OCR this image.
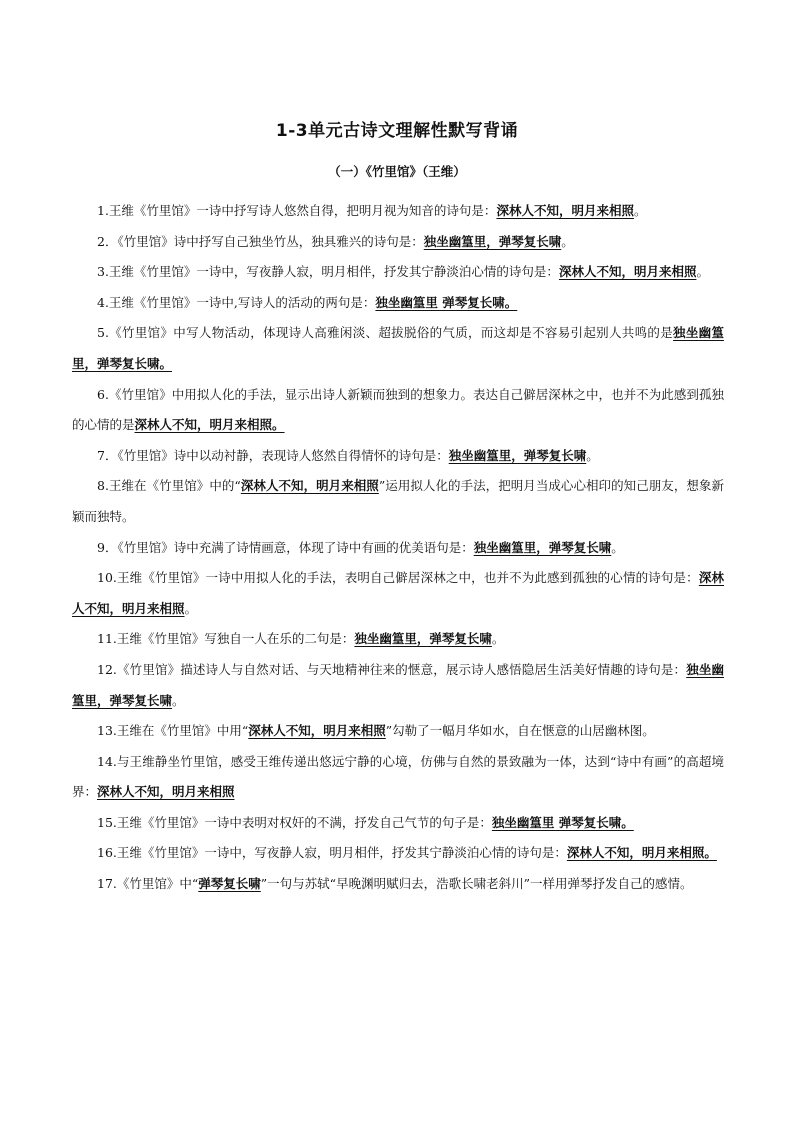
1-3单元古诗文理解性默写背诵
（一）《竹里馆》（王维）
1.王维《竹里馆》一诗中抒写诗人悠然自得，把明月视为知音的诗句是：深林人不知，明月来相照。
2．《竹里馆》诗中抒写自己独坐竹丛，独具雅兴的诗句是：独坐幽篁里，弹琴复长啸。
3.王维《竹里馆》一诗中，写夜静人寂，明月相伴，抒发其宁静淡泊心情的诗句是：深林人不知，明月来相照。
4.王维《竹里馆》一诗中,写诗人的活动的两句是：独坐幽篁里 弹琴复长啸。
5.《竹里馆》中写人物活动，体现诗人高雅闲淡、超拔脱俗的气质，而这却是不容易引起别人共鸣的是独坐幽篁里，弹琴复长啸。
6.《竹里馆》中用拟人化的手法，显示出诗人新颖而独到的想象力。表达自己僻居深林之中，也并不为此感到孤独的心情的是深林人不知，明月来相照。
7．《竹里馆》诗中以动衬静，表现诗人悠然自得情怀的诗句是：独坐幽篁里，弹琴复长啸。
8.王维在《竹里馆》中的“深林人不知，明月来相照”运用拟人化的手法，把明月当成心心相印的知己朋友，想象新颖而独特。
9．《竹里馆》诗中充满了诗情画意，体现了诗中有画的优美语句是：独坐幽篁里，弹琴复长啸。
10.王维《竹里馆》一诗中用拟人化的手法，表明自己僻居深林之中，也并不为此感到孤独的心情的诗句是：深林人不知，明月来相照。
11.王维《竹里馆》写独自一人在乐的二句是：独坐幽篁里，弹琴复长啸。
12.《竹里馆》描述诗人与自然对话、与天地精神往来的惬意，展示诗人感悟隐居生活美好情趣的诗句是：独坐幽篁里，弹琴复长啸。
13.王维在《竹里馆》中用“深林人不知，明月来相照”勾勒了一幅月华如水，自在惬意的山居幽林图。
14.与王维静坐竹里馆，感受王维传递出悠远宁静的心境，仿佛与自然的景致融为一体，达到“诗中有画”的高超境界：深林人不知，明月来相照
15.王维《竹里馆》一诗中表明对权奸的不满，抒发自己气节的句子是：独坐幽篁里 弹琴复长啸。
16.王维《竹里馆》一诗中，写夜静人寂，明月相伴，抒发其宁静淡泊心情的诗句是：深林人不知，明月来相照。
17.《竹里馆》中“弹琴复长啸”一句与苏轼“早晚渊明赋归去，浩歌长啸老斜川”一样用弹琴抒发自己的感情。
